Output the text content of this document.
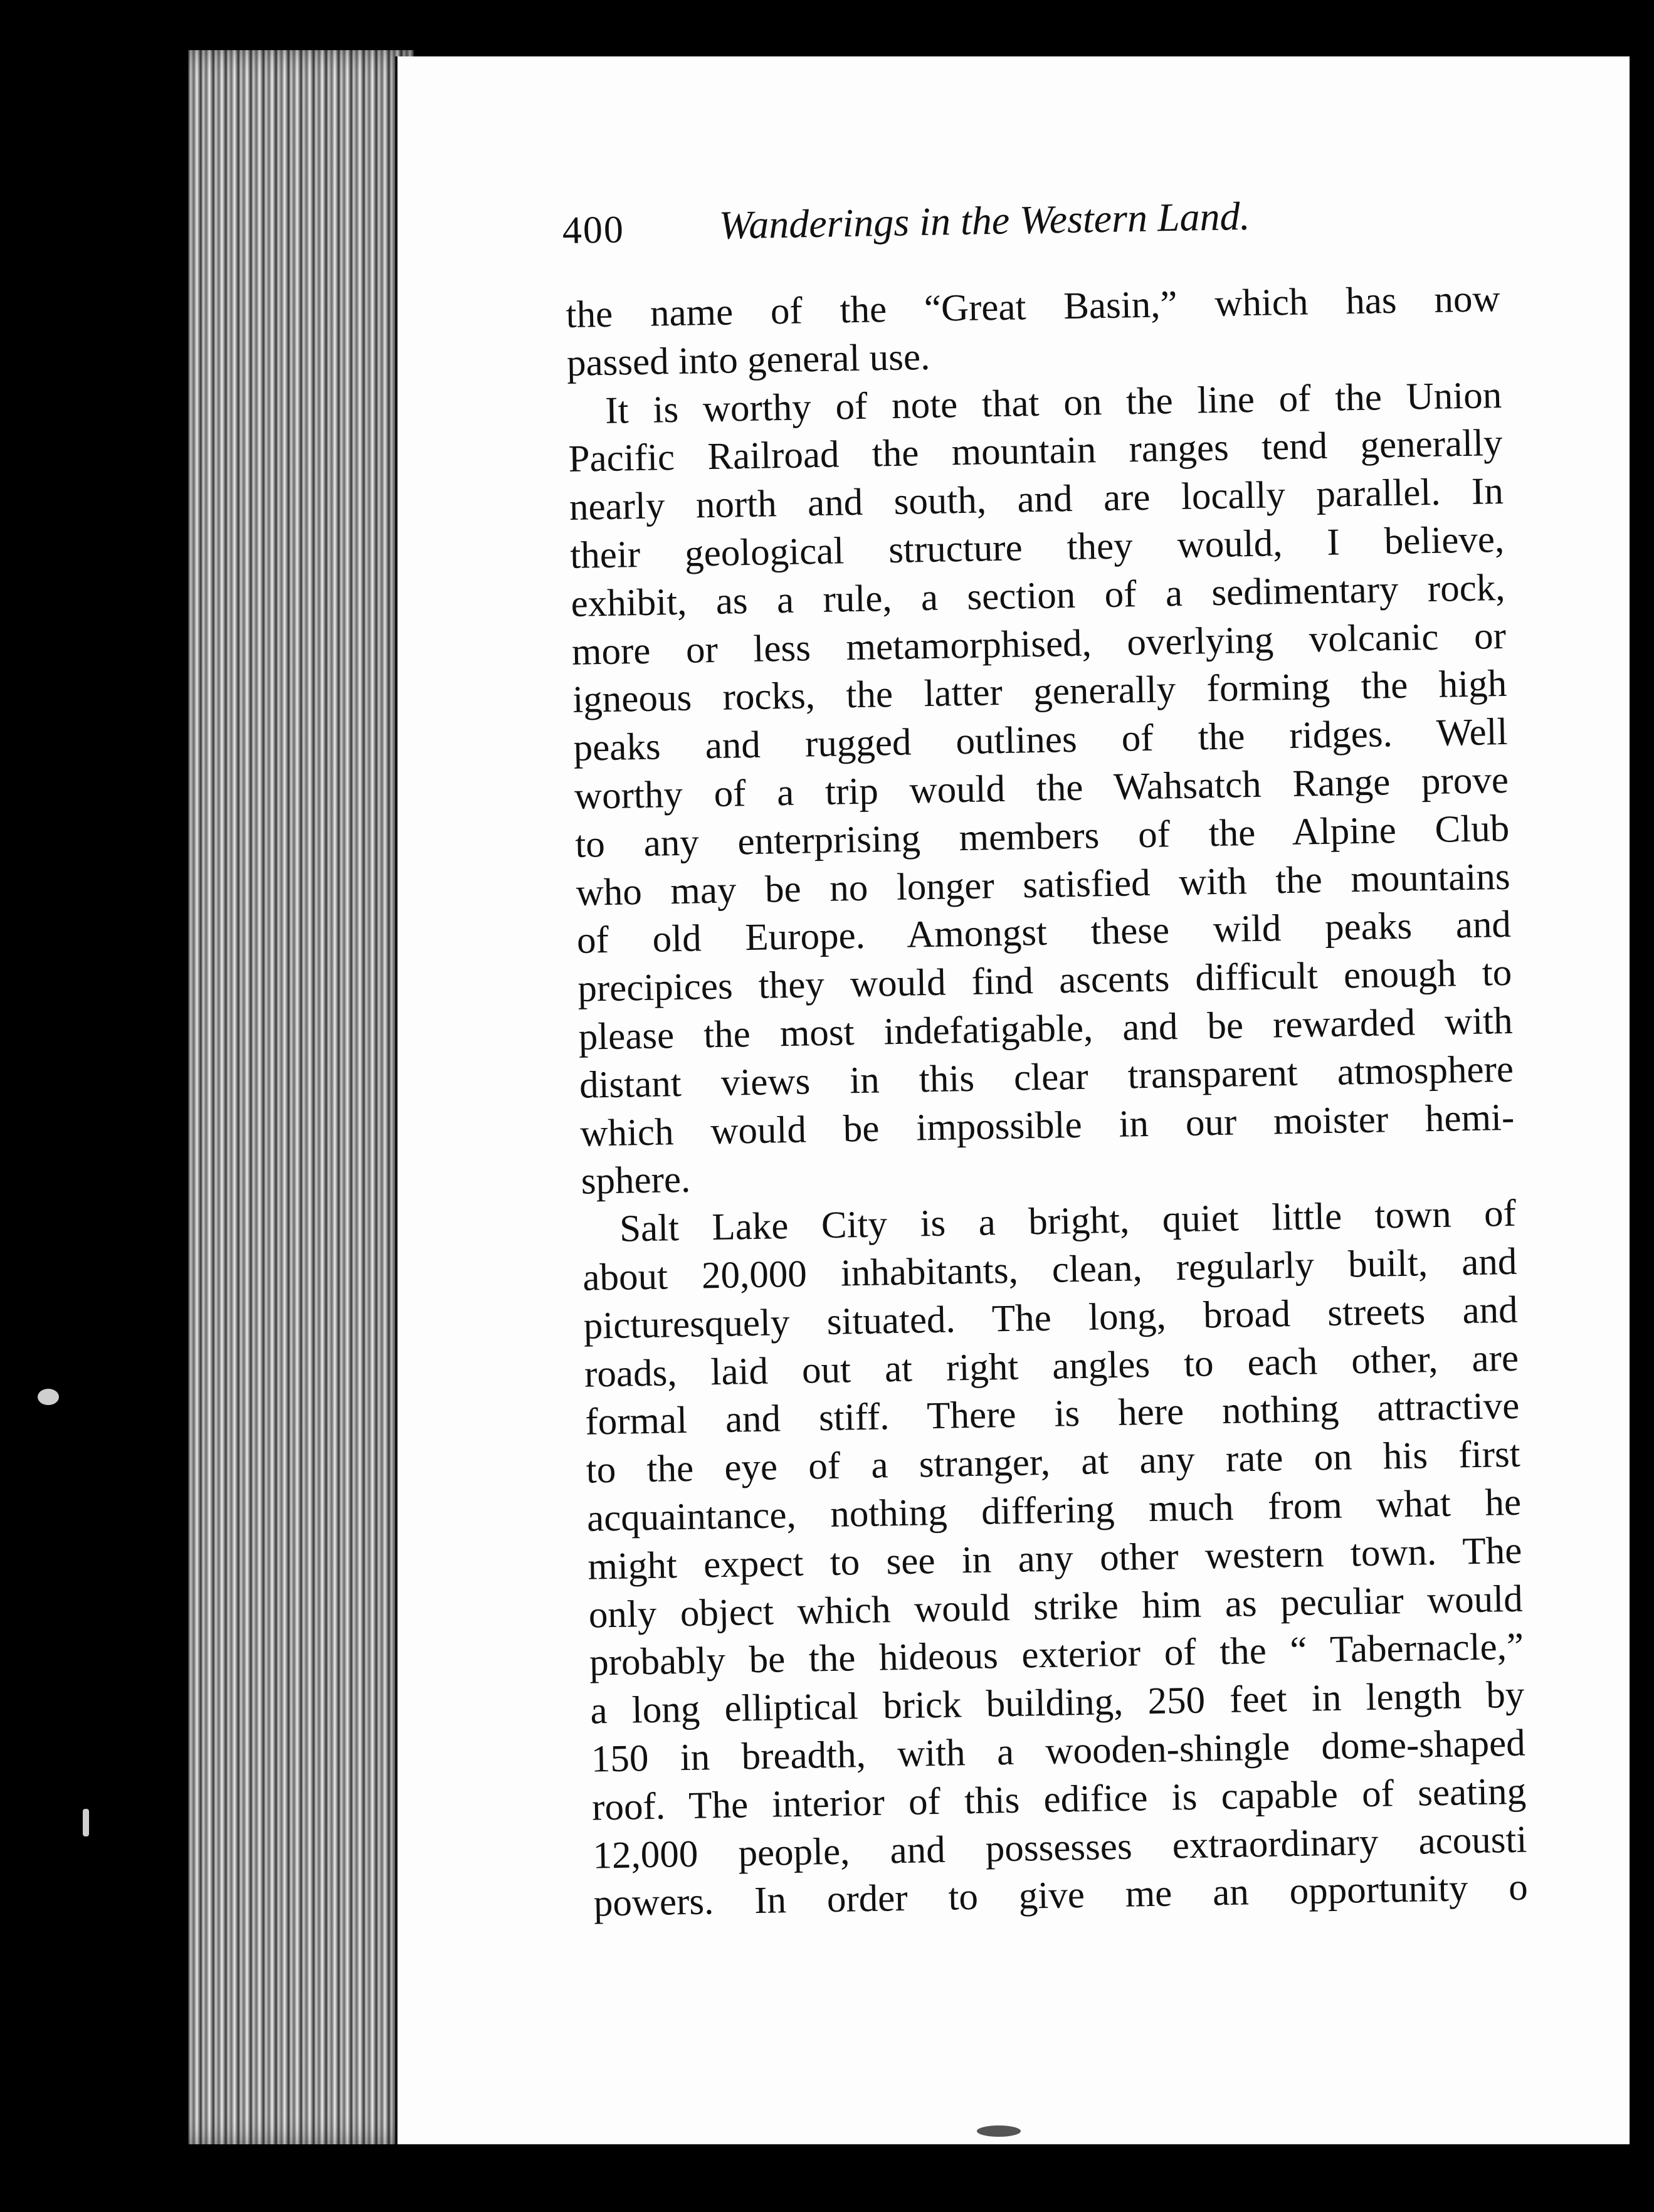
400 Wanderings in the Western Land.
the name of the “Great Basin,” which has now
passed into general use.
It is worthy of note that on the line of the Union
Pacific Railroad the mountain ranges tend generally
nearly north and south, and are locally parallel. In
their geological structure they would, I believe,
exhibit, as a rule, a section of a sedimentary rock,
more or less metamorphised, overlying volcanic or
igneous rocks, the latter generally forming the high
peaks and rugged outlines of the ridges. Well
worthy of a trip would the Wahsatch Range prove
to any enterprising members of the Alpine Club
who may be no longer satisfied with the mountains
of old Europe. Amongst these wild peaks and
precipices they would find ascents difficult enough to
please the most indefatigable, and be rewarded with
distant views in this clear transparent atmosphere
which would be impossible in our moister hemi-
sphere.
Salt Lake City is a bright, quiet little town of
about 20,000 inhabitants, clean, regularly built, and
picturesquely situated. The long, broad streets and
roads, laid out at right angles to each other, are
formal and stiff. There is here nothing attractive
to the eye of a stranger, at any rate on his first
acquaintance, nothing differing much from what he
might expect to see in any other western town. The
only object which would strike him as peculiar would
probably be the hideous exterior of the “ Tabernacle,”
a long elliptical brick building, 250 feet in length by
150 in breadth, with a wooden-shingle dome-shaped
roof. The interior of this edifice is capable of seating
12,000 people, and possesses extraordinary acousti
powers. In order to give me an opportunity o
